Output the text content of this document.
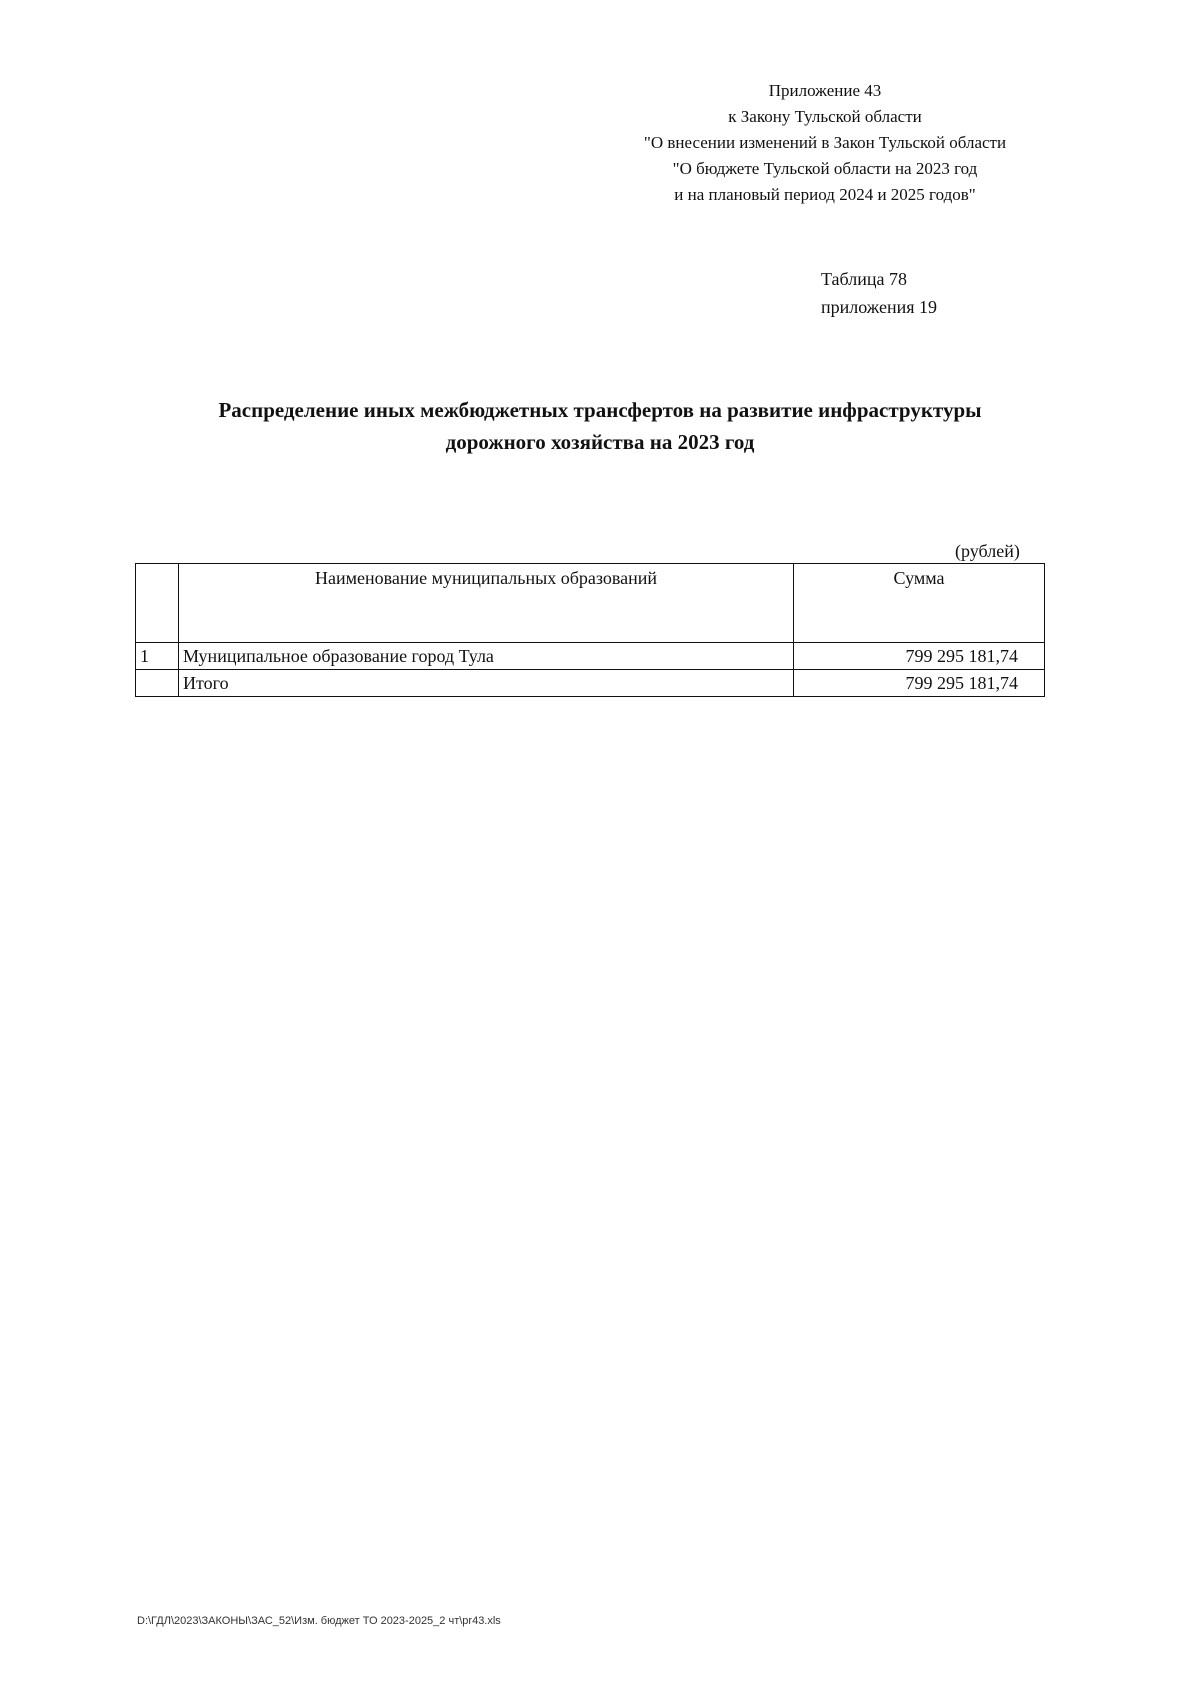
Приложение 43
к Закону Тульской области
"О внесении изменений в Закон Тульской области
"О бюджете Тульской области на 2023 год
и на плановый период 2024 и 2025 годов"
Таблица 78
приложения 19
Распределение иных межбюджетных трансфертов на развитие инфраструктуры
дорожного хозяйства на 2023 год
(рублей)
	Наименование муниципальных образований	Сумма
1	Муниципальное образование город Тула	799 295 181,74
	Итого	799 295 181,74
D:\ГДЛ\2023\ЗАКОНЫ\ЗАС_52\Изм. бюджет ТО 2023-2025_2 чт\pr43.xls
